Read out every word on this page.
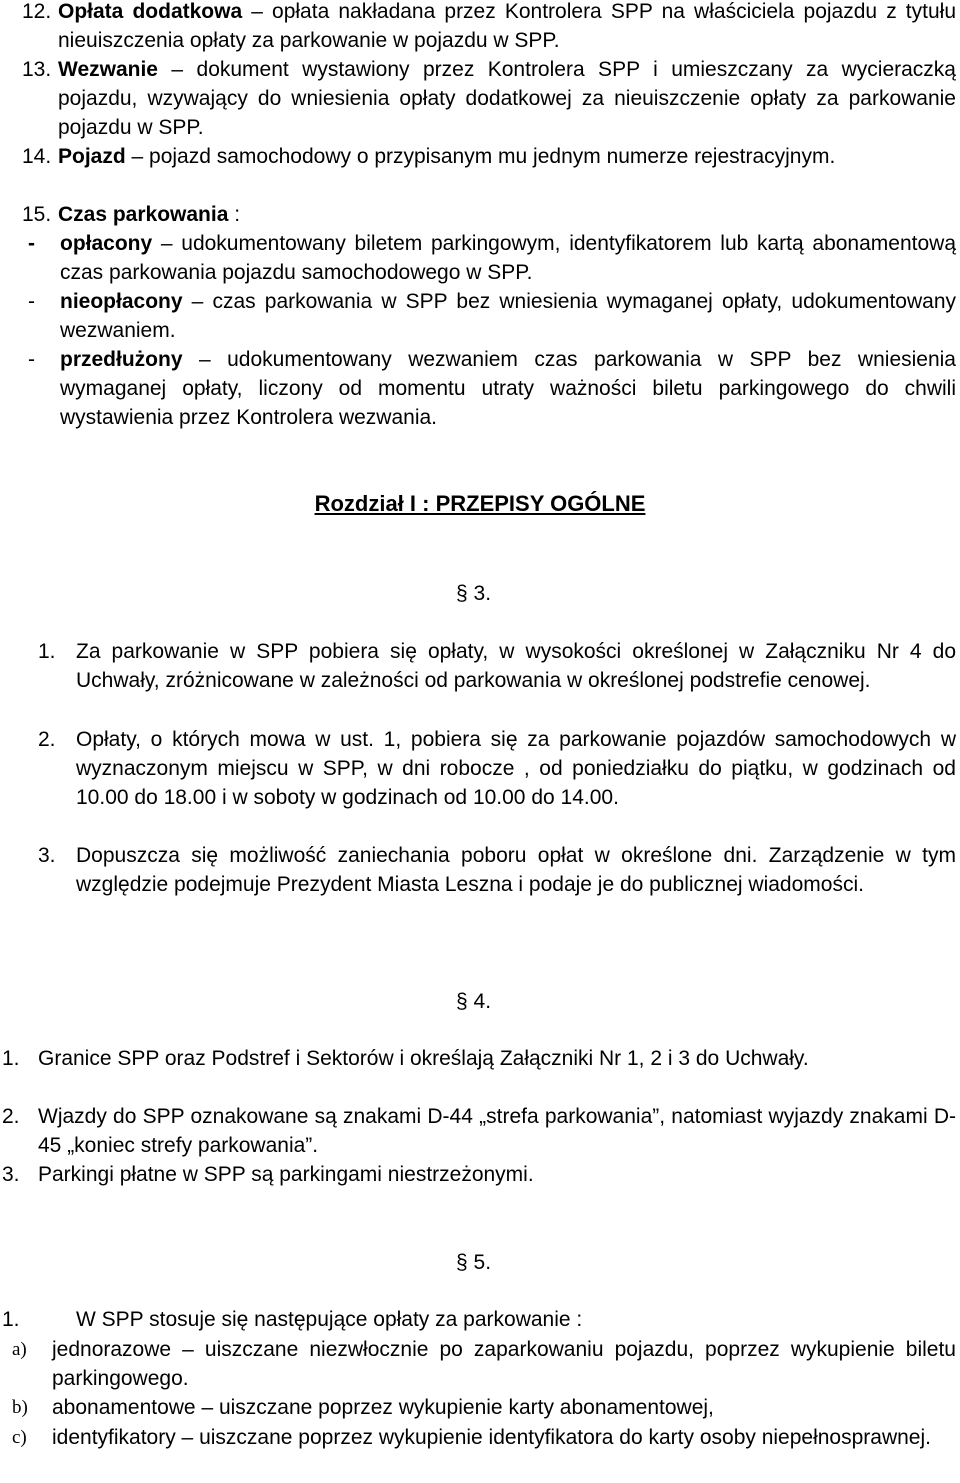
12. Opłata dodatkowa – opłata nakładana przez Kontrolera SPP na właściciela pojazdu z tytułu nieuiszczenia opłaty za parkowanie w pojazdu w SPP.
13. Wezwanie – dokument wystawiony przez Kontrolera SPP i umieszczany za wycieraczką pojazdu, wzywający do wniesienia opłaty dodatkowej za nieuiszczenie opłaty za parkowanie pojazdu w SPP.
14. Pojazd – pojazd samochodowy o przypisanym mu jednym numerze rejestracyjnym.
15. Czas parkowania :
- opłacony – udokumentowany biletem parkingowym, identyfikatorem lub kartą abonamentową czas parkowania pojazdu samochodowego w SPP.
- nieopłacony – czas parkowania w SPP bez wniesienia wymaganej opłaty, udokumentowany wezwaniem.
- przedłużony – udokumentowany wezwaniem czas parkowania w SPP bez wniesienia wymaganej opłaty, liczony od momentu utraty ważności biletu parkingowego do chwili wystawienia przez Kontrolera wezwania.
Rozdział I : PRZEPISY OGÓLNE
§ 3.
1. Za parkowanie w SPP pobiera się opłaty, w wysokości określonej w Załączniku Nr 4 do Uchwały, zróżnicowane w zależności od parkowania w określonej podstrefie cenowej.
2. Opłaty, o których mowa w ust. 1, pobiera się za parkowanie pojazdów samochodowych w wyznaczonym miejscu w SPP, w dni robocze , od poniedziałku do piątku, w godzinach od 10.00 do 18.00 i w soboty w godzinach od 10.00 do 14.00.
3. Dopuszcza się możliwość zaniechania poboru opłat w określone dni. Zarządzenie w tym względzie podejmuje Prezydent Miasta Leszna i podaje je do publicznej wiadomości.
§ 4.
1. Granice SPP oraz Podstref i Sektorów i określają Załączniki Nr 1, 2 i 3 do Uchwały.
2. Wjazdy do SPP oznakowane są znakami D-44 „strefa parkowania”, natomiast wyjazdy znakami D-45 „koniec strefy parkowania”.
3. Parkingi płatne w SPP są parkingami niestrzeżonymi.
§ 5.
1.	W SPP stosuje się następujące opłaty za parkowanie :
a) jednorazowe – uiszczane niezwłocznie po zaparkowaniu pojazdu, poprzez wykupienie biletu parkingowego.
b) abonamentowe – uiszczane poprzez wykupienie karty abonamentowej,
c) identyfikatory – uiszczane poprzez wykupienie identyfikatora do karty osoby niepełnosprawnej.
